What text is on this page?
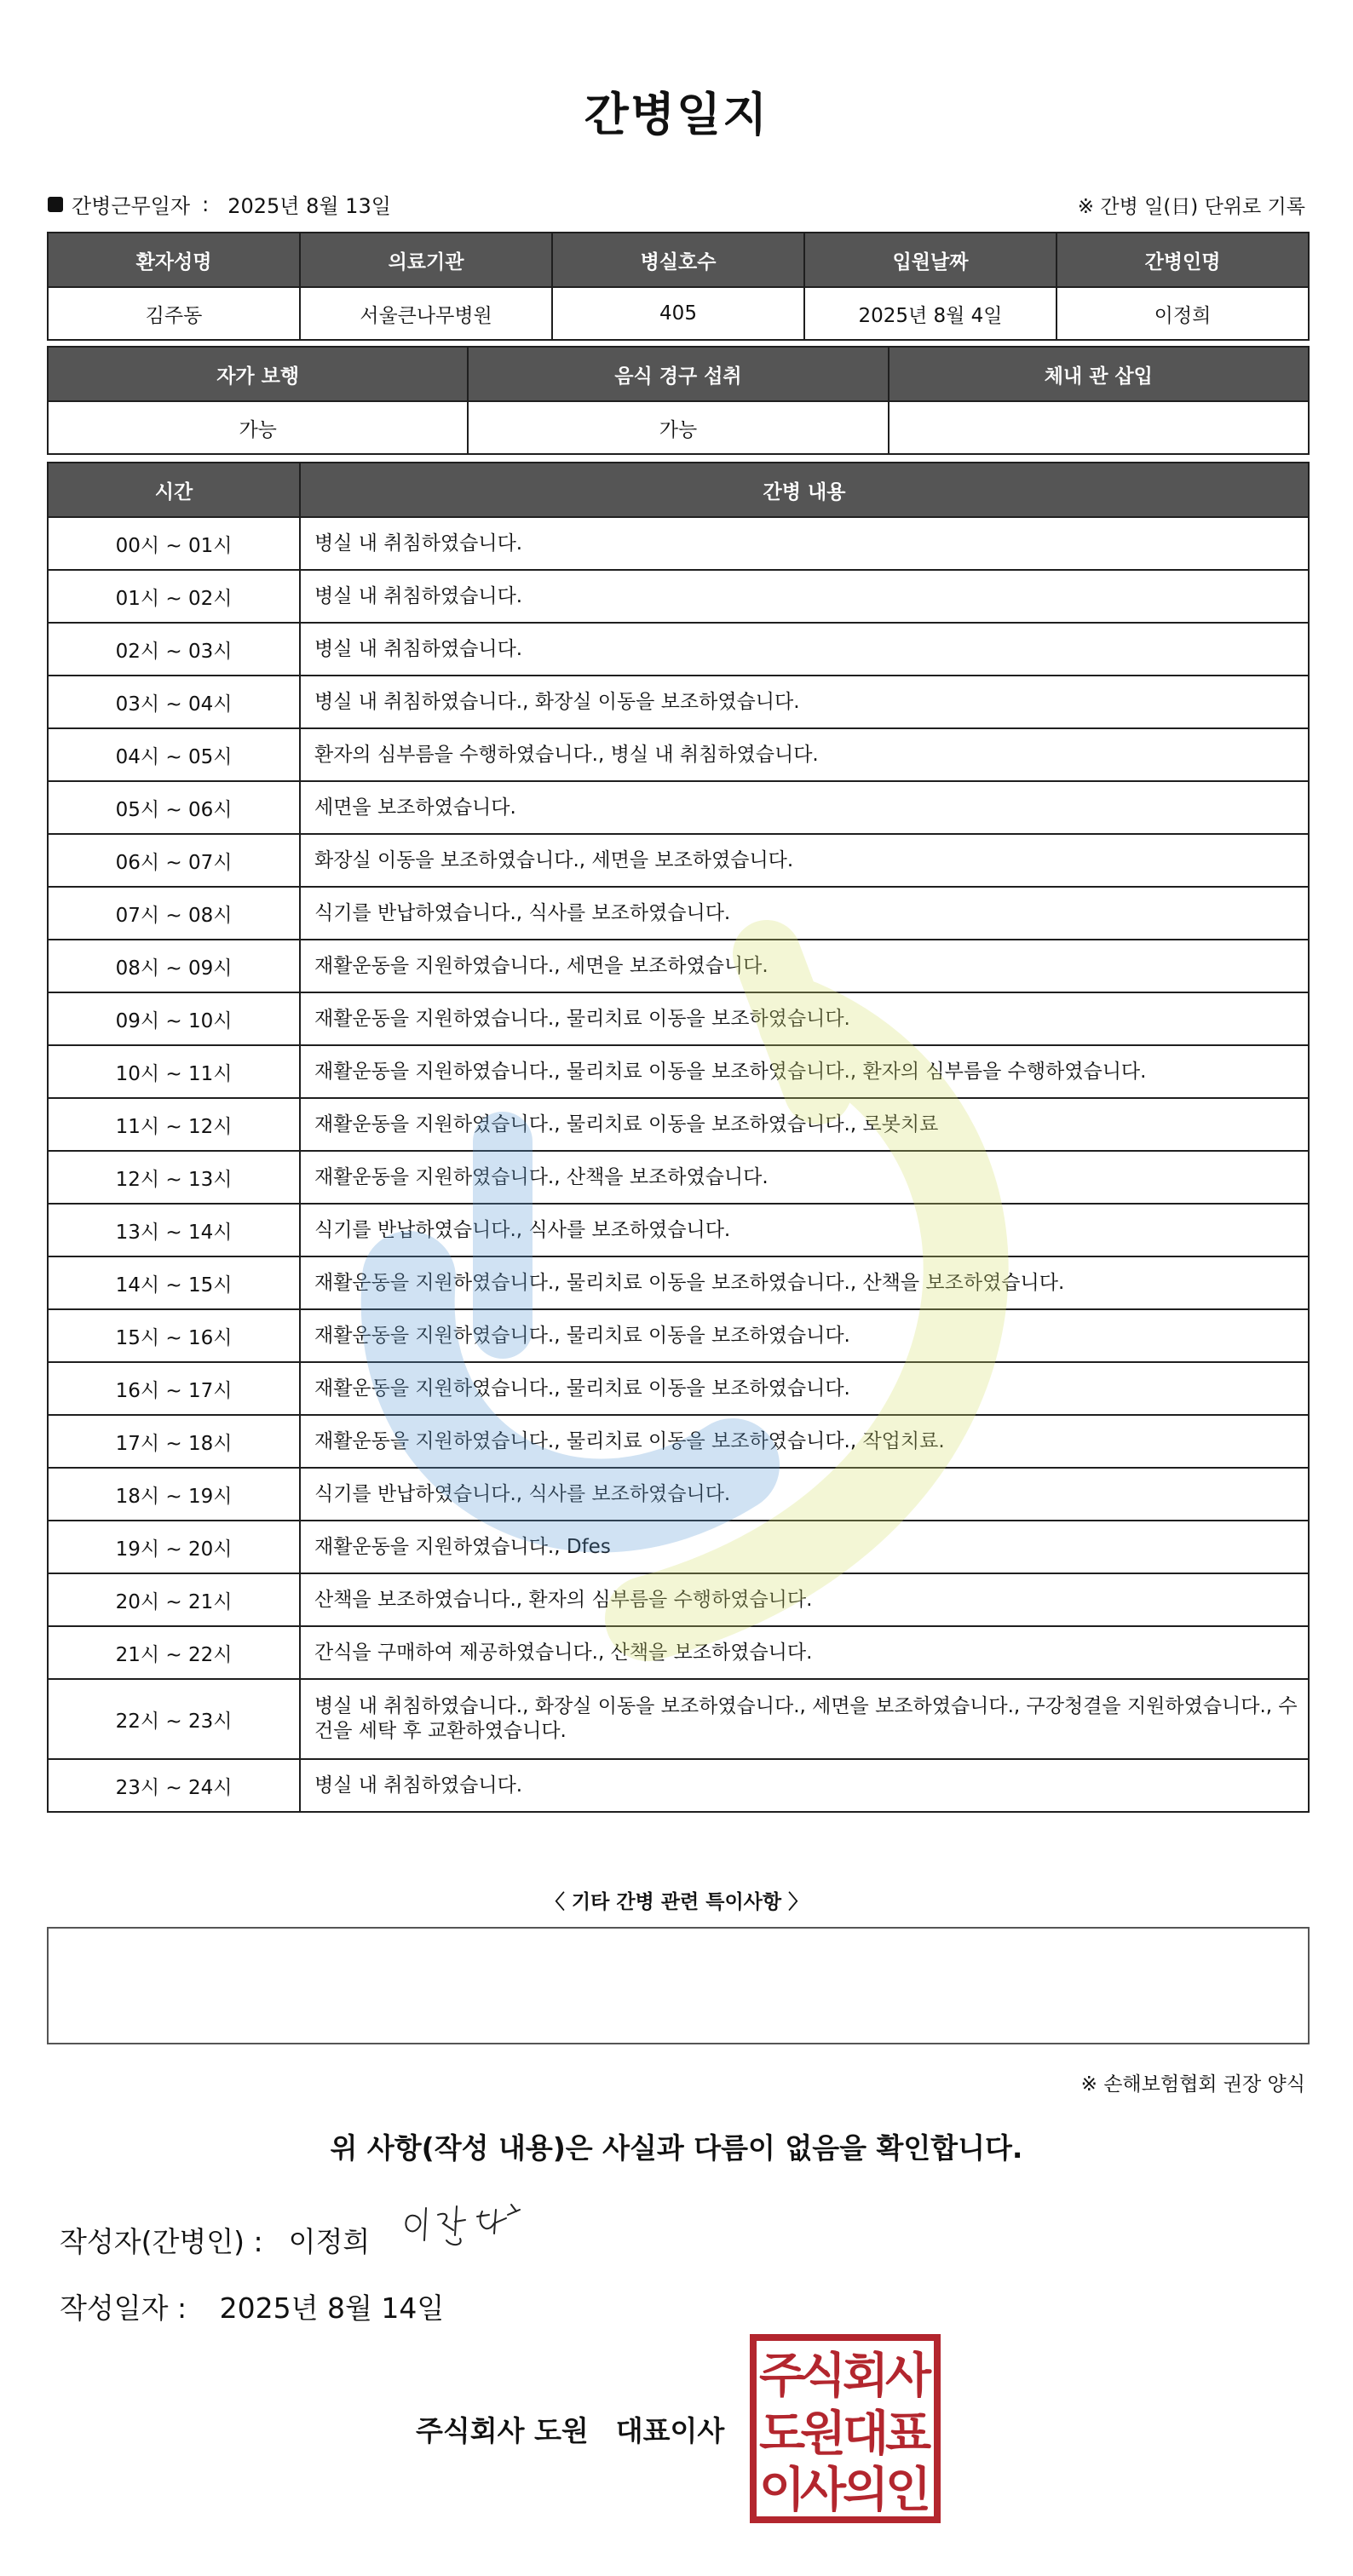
간병일지
간병근무일자 : 2025년 8월 13일	※ 간병 일(日) 단위로 기록
환자성명	의료기관	병실호수	입원날짜	간병인명
김주동	서울큰나무병원	405	2025년 8월 4일	이정희
자가 보행	음식 경구 섭취	체내 관 삽입
가능	가능	
시간	간병 내용
00시 ~ 01시	병실 내 취침하였습니다.
01시 ~ 02시	병실 내 취침하였습니다.
02시 ~ 03시	병실 내 취침하였습니다.
03시 ~ 04시	병실 내 취침하였습니다., 화장실 이동을 보조하였습니다.
04시 ~ 05시	환자의 심부름을 수행하였습니다., 병실 내 취침하였습니다.
05시 ~ 06시	세면을 보조하였습니다.
06시 ~ 07시	화장실 이동을 보조하였습니다., 세면을 보조하였습니다.
07시 ~ 08시	식기를 반납하였습니다., 식사를 보조하였습니다.
08시 ~ 09시	재활운동을 지원하였습니다., 세면을 보조하였습니다.
09시 ~ 10시	재활운동을 지원하였습니다., 물리치료 이동을 보조하였습니다.
10시 ~ 11시	재활운동을 지원하였습니다., 물리치료 이동을 보조하였습니다., 환자의 심부름을 수행하였습니다.
11시 ~ 12시	재활운동을 지원하였습니다., 물리치료 이동을 보조하였습니다., 로봇치료
12시 ~ 13시	재활운동을 지원하였습니다., 산책을 보조하였습니다.
13시 ~ 14시	식기를 반납하였습니다., 식사를 보조하였습니다.
14시 ~ 15시	재활운동을 지원하였습니다., 물리치료 이동을 보조하였습니다., 산책을 보조하였습니다.
15시 ~ 16시	재활운동을 지원하였습니다., 물리치료 이동을 보조하였습니다.
16시 ~ 17시	재활운동을 지원하였습니다., 물리치료 이동을 보조하였습니다.
17시 ~ 18시	재활운동을 지원하였습니다., 물리치료 이동을 보조하였습니다., 작업치료.
18시 ~ 19시	식기를 반납하였습니다., 식사를 보조하였습니다.
19시 ~ 20시	재활운동을 지원하였습니다., Dfes
20시 ~ 21시	산책을 보조하였습니다., 환자의 심부름을 수행하였습니다.
21시 ~ 22시	간식을 구매하여 제공하였습니다., 산책을 보조하였습니다.
22시 ~ 23시	병실 내 취침하였습니다., 화장실 이동을 보조하였습니다., 세면을 보조하였습니다., 구강청결을 지원하였습니다., 수건을 세탁 후 교환하였습니다.
23시 ~ 24시	병실 내 취침하였습니다.
〈 기타 간병 관련 특이사항 〉
※ 손해보험협회 권장 양식
위 사항(작성 내용)은 사실과 다름이 없음을 확인합니다.
작성자(간병인) : 이정희
작성일자 : 2025년 8월 14일
주식회사 도원 대표이사
주
식
회
사
도
원
대
표
이
사
의
인
